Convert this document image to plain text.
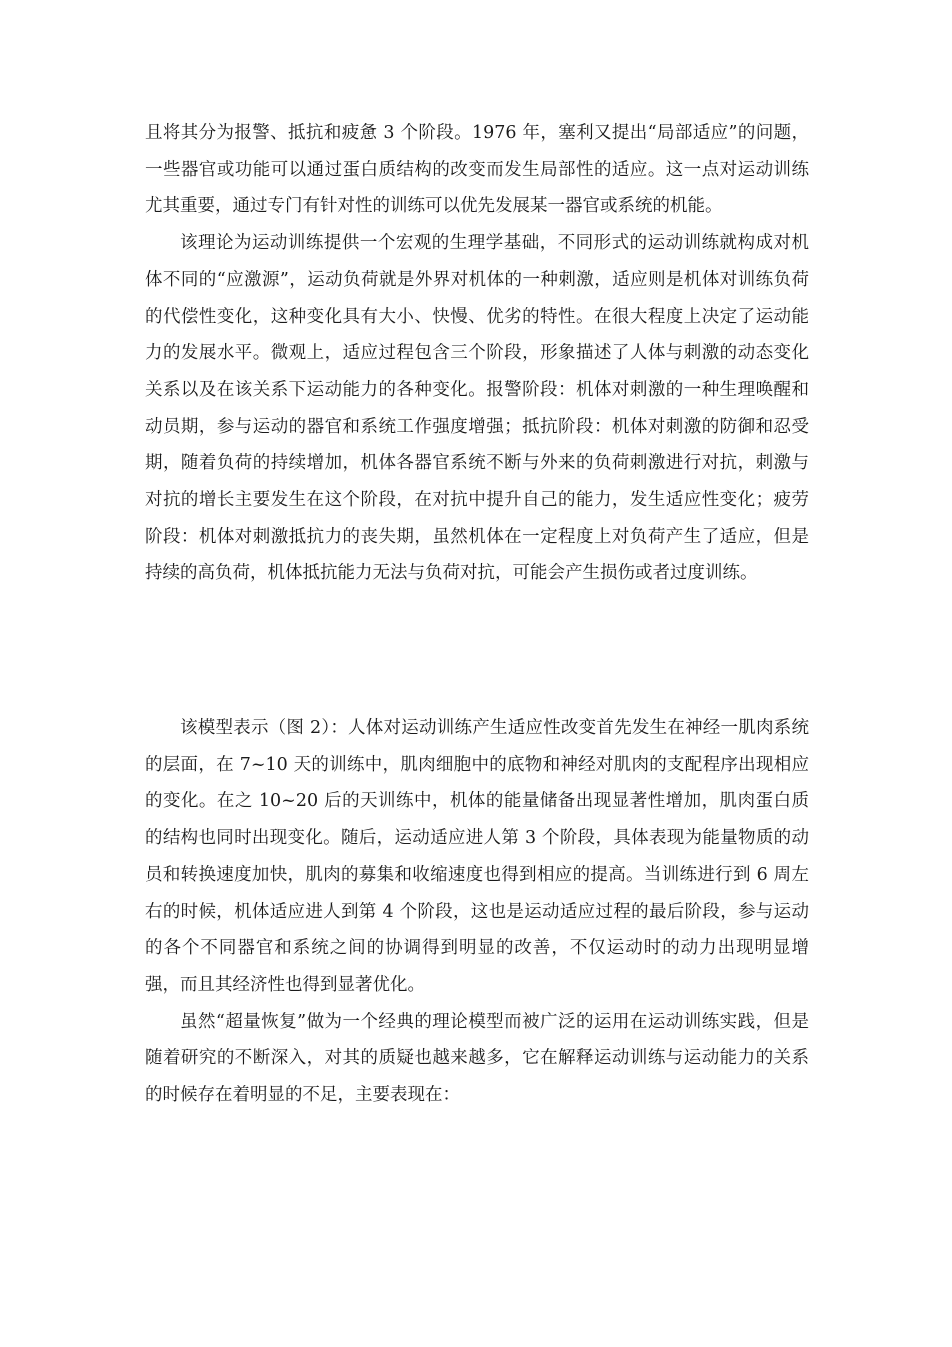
且将其分为报警、抵抗和疲惫 3 个阶段。1976 年，塞利又提出“局部适应”的问题，一些器官或功能可以通过蛋白质结构的改变而发生局部性的适应。这一点对运动训练尤其重要，通过专门有针对性的训练可以优先发展某一器官或系统的机能。

该理论为运动训练提供一个宏观的生理学基础，不同形式的运动训练就构成对机体不同的“应激源”，运动负荷就是外界对机体的一种刺激，适应则是机体对训练负荷的代偿性变化，这种变化具有大小、快慢、优劣的特性。在很大程度上决定了运动能力的发展水平。微观上，适应过程包含三个阶段，形象描述了人体与刺激的动态变化关系以及在该关系下运动能力的各种变化。报警阶段：机体对刺激的一种生理唤醒和动员期，参与运动的器官和系统工作强度增强；抵抗阶段：机体对刺激的防御和忍受期，随着负荷的持续增加，机体各器官系统不断与外来的负荷刺激进行对抗，刺激与对抗的增长主要发生在这个阶段，在对抗中提升自己的能力，发生适应性变化；疲劳阶段：机体对刺激抵抗力的丧失期，虽然机体在一定程度上对负荷产生了适应，但是持续的高负荷，机体抵抗能力无法与负荷对抗，可能会产生损伤或者过度训练。

该模型表示（图 2）：人体对运动训练产生适应性改变首先发生在神经一肌肉系统的层面，在 7~10 天的训练中，肌肉细胞中的底物和神经对肌肉的支配程序出现相应的变化。在之 10~20 后的天训练中，机体的能量储备出现显著性增加，肌肉蛋白质的结构也同时出现变化。随后，运动适应进人第 3 个阶段，具体表现为能量物质的动员和转换速度加快，肌肉的募集和收缩速度也得到相应的提高。当训练进行到 6 周左右的时候，机体适应进人到第 4 个阶段，这也是运动适应过程的最后阶段，参与运动的各个不同器官和系统之间的协调得到明显的改善，不仅运动时的动力出现明显增强，而且其经济性也得到显著优化。

虽然“超量恢复”做为一个经典的理论模型而被广泛的运用在运动训练实践，但是随着研究的不断深入，对其的质疑也越来越多，它在解释运动训练与运动能力的关系的时候存在着明显的不足，主要表现在：
